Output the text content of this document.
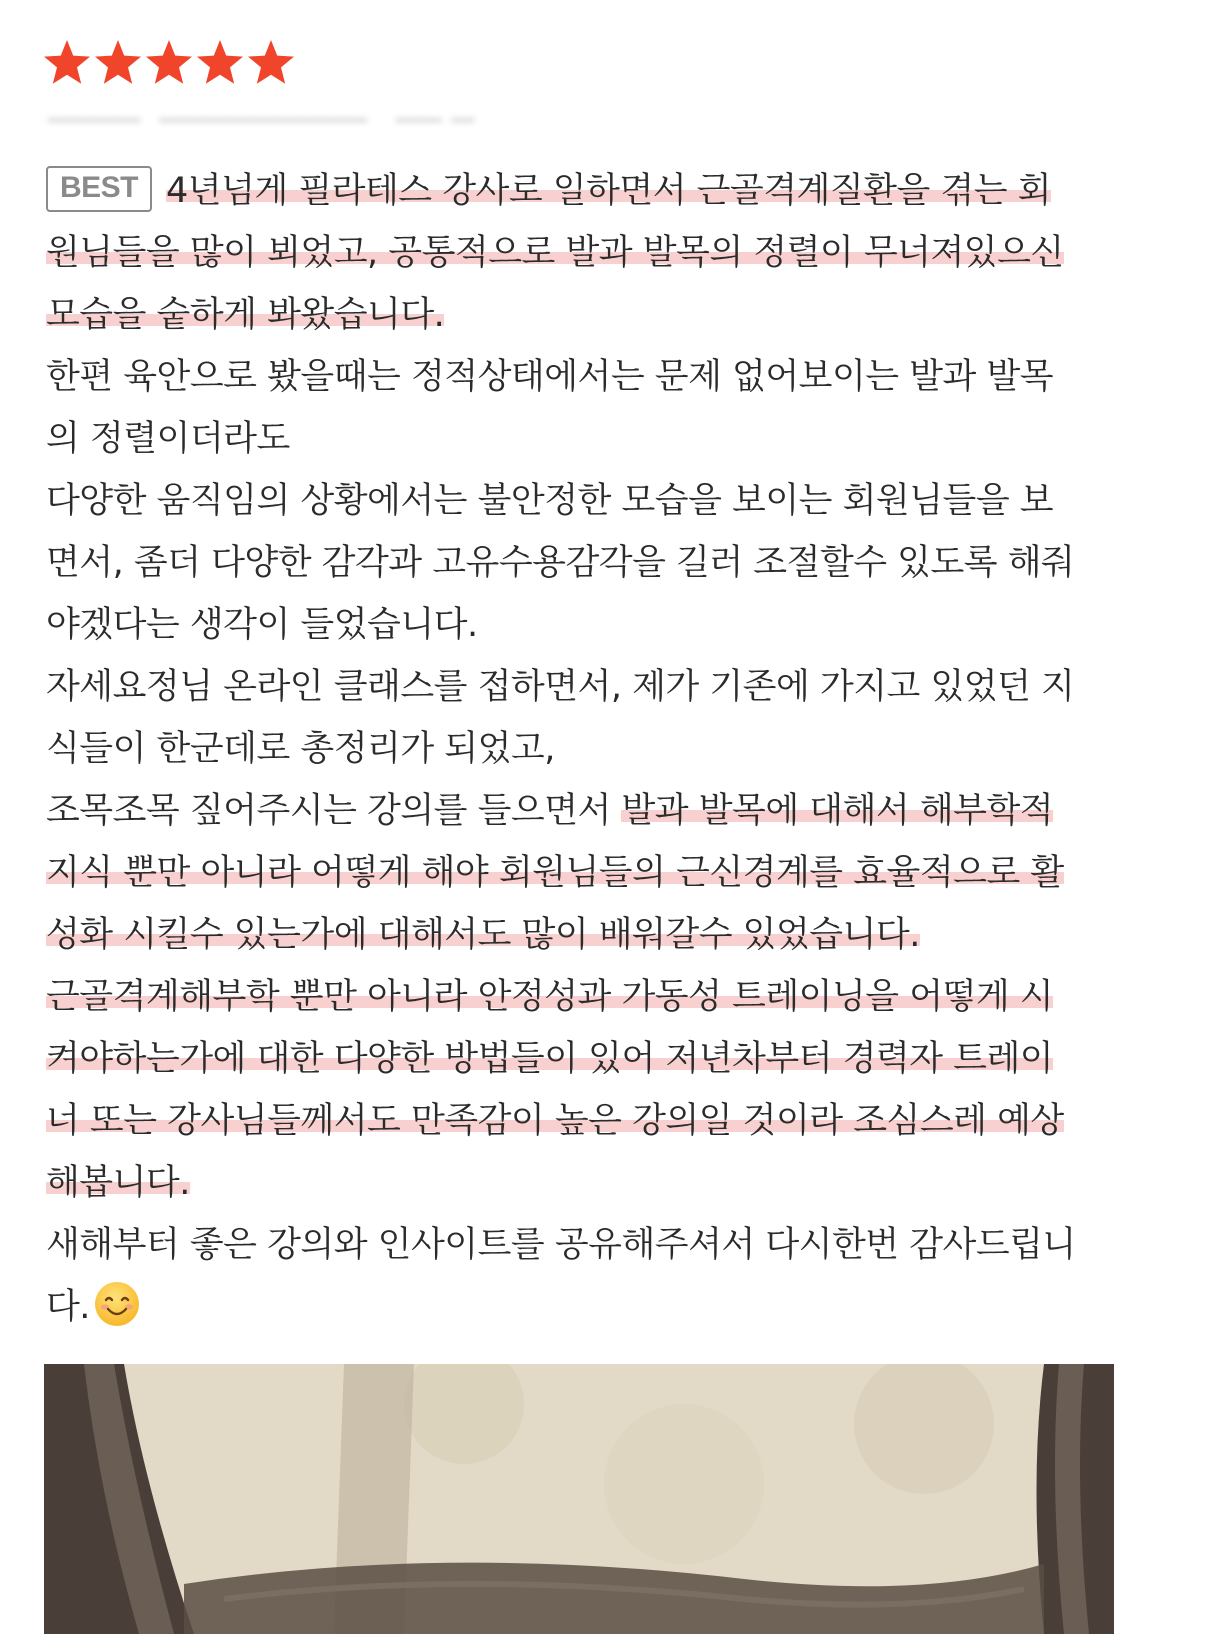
▁▁▁▁  ▁▁▁▁▁▁▁▁▁   ▁▁ ▁
BEST 4년넘게 필라테스 강사로 일하면서 근골격계질환을 겪는 회
원님들을 많이 뵈었고, 공통적으로 발과 발목의 정렬이 무너져있으신
모습을 숱하게 봐왔습니다.
한편 육안으로 봤을때는 정적상태에서는 문제 없어보이는 발과 발목
의 정렬이더라도
다양한 움직임의 상황에서는 불안정한 모습을 보이는 회원님들을 보
면서, 좀더 다양한 감각과 고유수용감각을 길러 조절할수 있도록 해줘
야겠다는 생각이 들었습니다.
자세요정님 온라인 클래스를 접하면서, 제가 기존에 가지고 있었던 지
식들이 한군데로 총정리가 되었고,
조목조목 짚어주시는 강의를 들으면서 발과 발목에 대해서 해부학적
지식 뿐만 아니라 어떻게 해야 회원님들의 근신경계를 효율적으로 활
성화 시킬수 있는가에 대해서도 많이 배워갈수 있었습니다.
근골격계해부학 뿐만 아니라 안정성과 가동성 트레이닝을 어떻게 시
켜야하는가에 대한 다양한 방법들이 있어 저년차부터 경력자 트레이
너 또는 강사님들께서도 만족감이 높은 강의일 것이라 조심스레 예상
해봅니다.
새해부터 좋은 강의와 인사이트를 공유해주셔서 다시한번 감사드립니
다.
